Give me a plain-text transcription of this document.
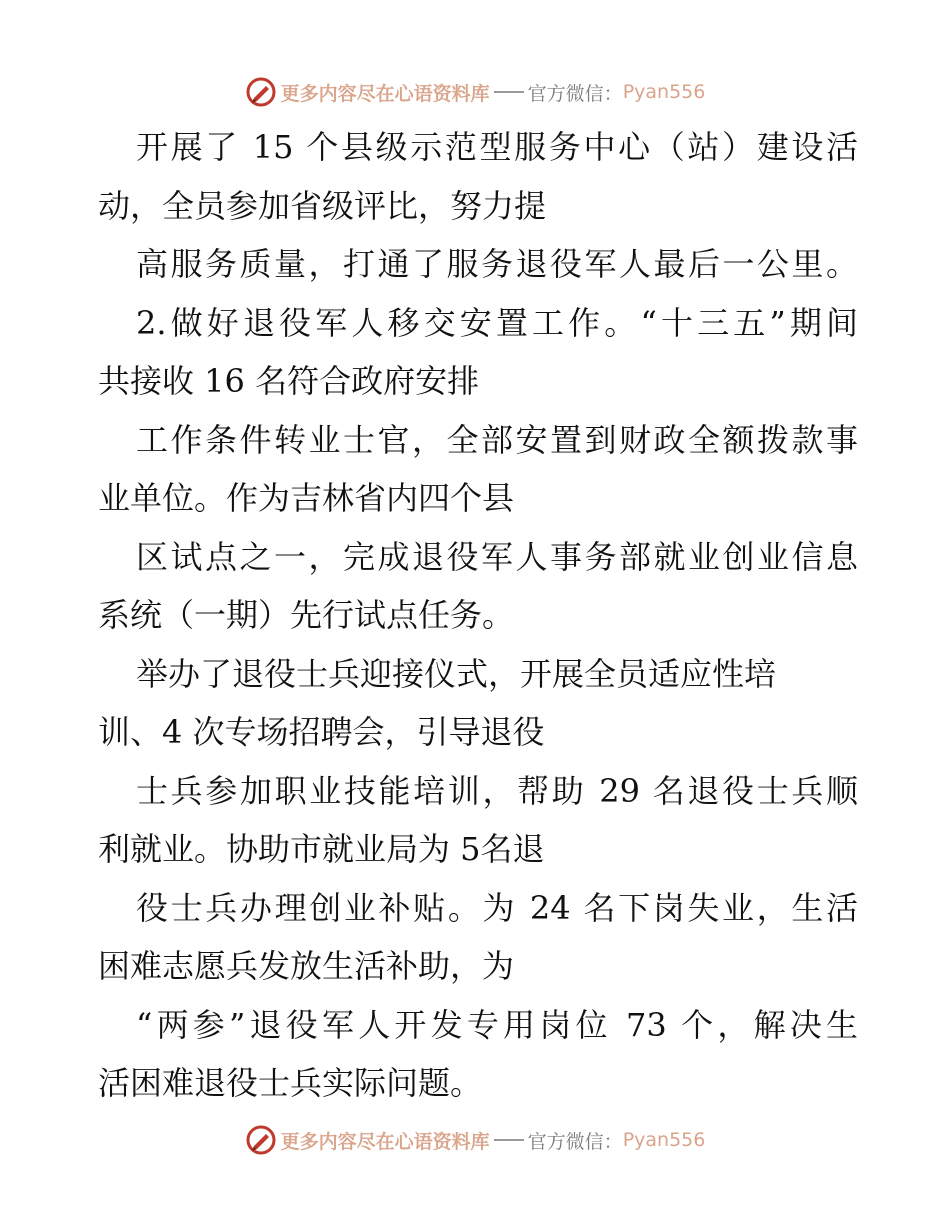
更多内容尽在心语资料库 官方微信： Pyan556
开展了 15 个县级示范型服务中心（站）建设活
动，全员参加省级评比，努力提
高服务质量，打通了服务退役军人最后一公里。
2.做好退役军人移交安置工作。“十三五”期间
共接收 16 名符合政府安排
工作条件转业士官，全部安置到财政全额拨款事
业单位。作为吉林省内四个县
区试点之一，完成退役军人事务部就业创业信息
系统（一期）先行试点任务。
举办了退役士兵迎接仪式，开展全员适应性培
训、4 次专场招聘会，引导退役
士兵参加职业技能培训，帮助 29 名退役士兵顺
利就业。协助市就业局为 5名退
役士兵办理创业补贴。为 24 名下岗失业，生活
困难志愿兵发放生活补助，为
“两参”退役军人开发专用岗位 73 个，解决生
活困难退役士兵实际问题。
更多内容尽在心语资料库 官方微信： Pyan556
